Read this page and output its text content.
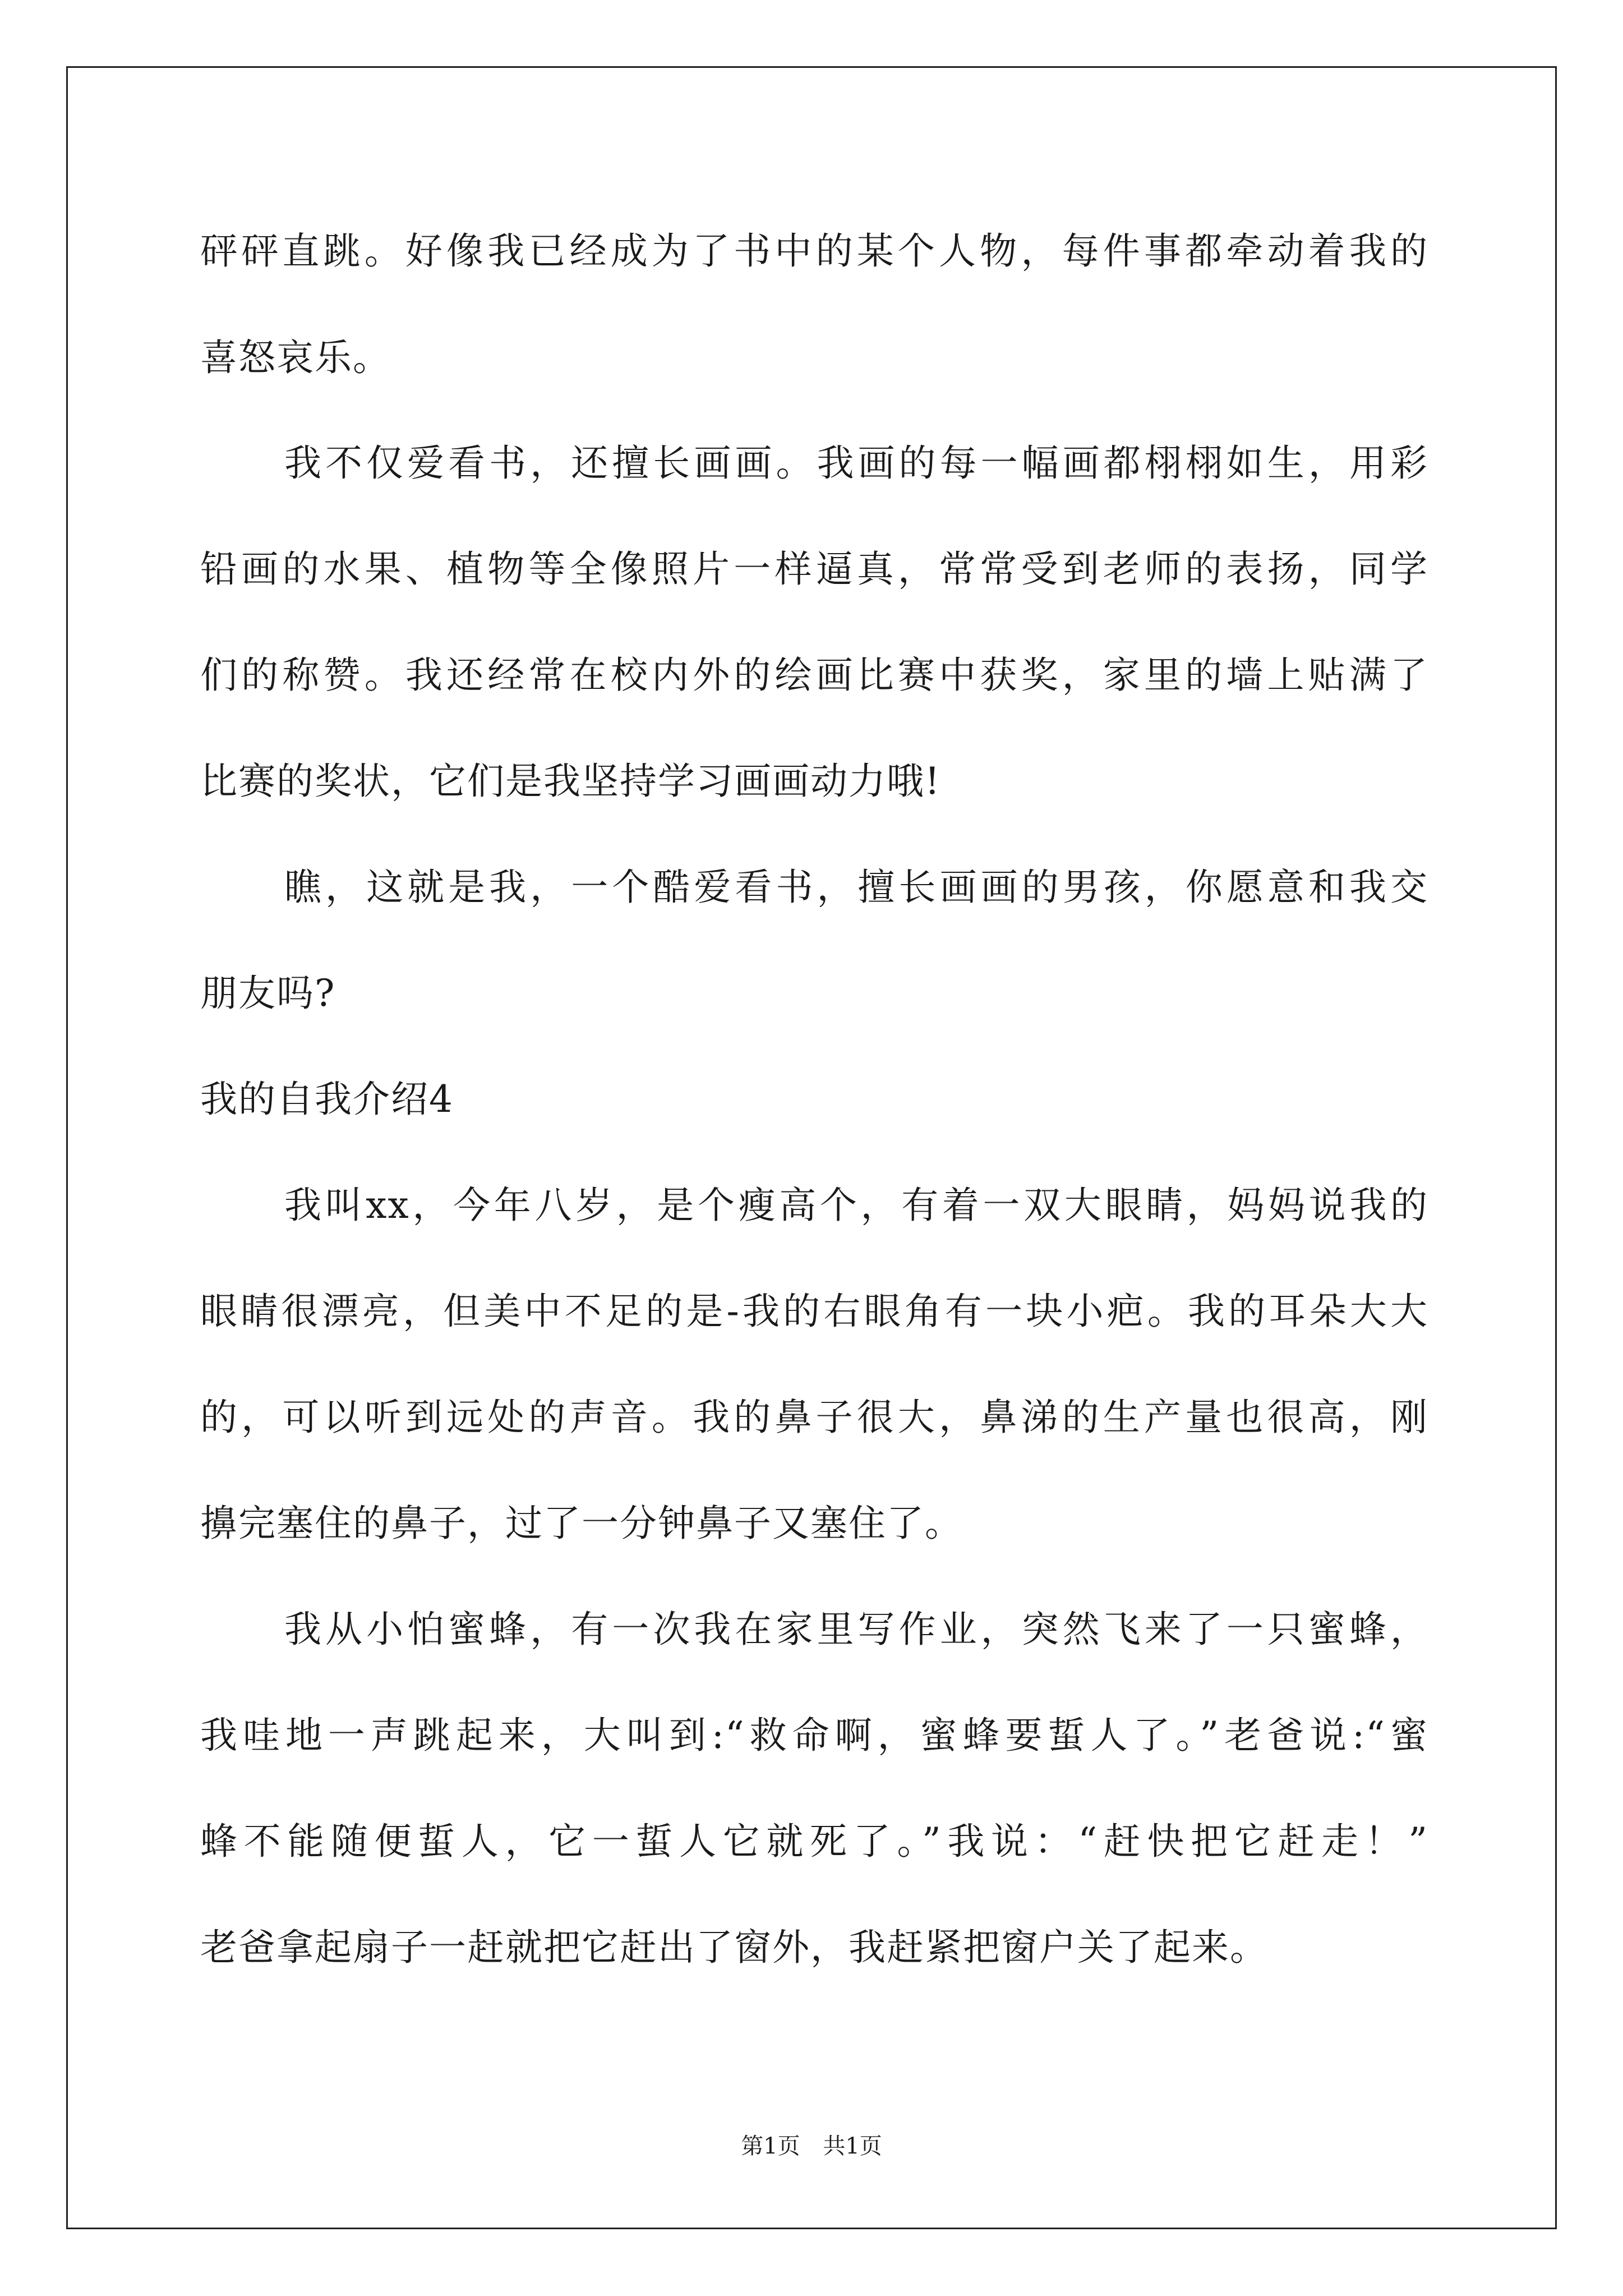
砰砰直跳。好像我已经成为了书中的某个人物，每件事都牵动着我的
喜怒哀乐。
我不仅爱看书，还擅长画画。我画的每一幅画都栩栩如生，用彩
铅画的水果、植物等全像照片一样逼真，常常受到老师的表扬，同学
们的称赞。我还经常在校内外的绘画比赛中获奖，家里的墙上贴满了
比赛的奖状，它们是我坚持学习画画动力哦!
瞧，这就是我，一个酷爱看书，擅长画画的男孩，你愿意和我交
朋友吗?
我的自我介绍4
我叫xx，今年八岁，是个瘦高个，有着一双大眼睛，妈妈说我的
眼睛很漂亮，但美中不足的是-我的右眼角有一块小疤。我的耳朵大大
的，可以听到远处的声音。我的鼻子很大，鼻涕的生产量也很高，刚
擤完塞住的鼻子，过了一分钟鼻子又塞住了。
我从小怕蜜蜂，有一次我在家里写作业，突然飞来了一只蜜蜂，
我哇地一声跳起来，大叫到:“救命啊，蜜蜂要蜇人了。”老爸说:“蜜
蜂不能随便蜇人，它一蜇人它就死了。”我说：“赶快把它赶走！”
老爸拿起扇子一赶就把它赶出了窗外，我赶紧把窗户关了起来。
第1页 共1页
